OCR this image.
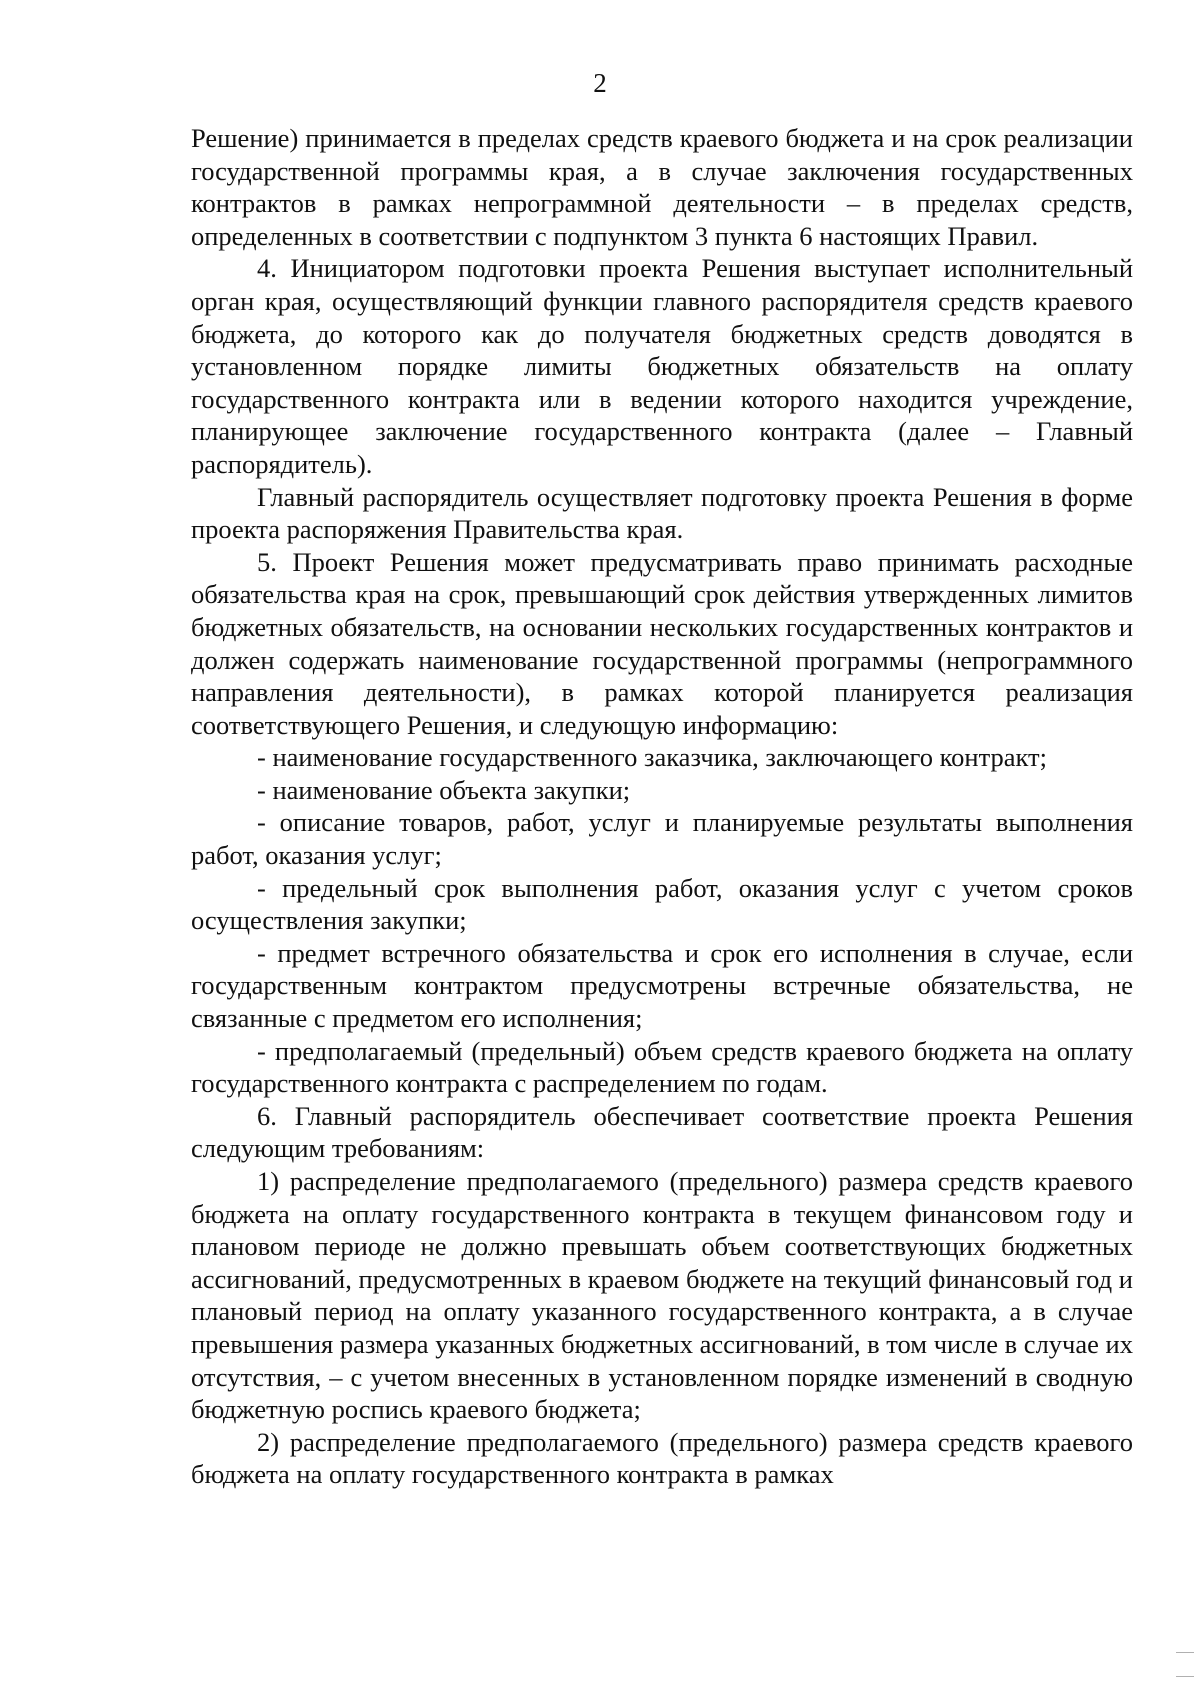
2

Решение) принимается в пределах средств краевого бюджета и на срок реализации государственной программы края, а в случае заключения государственных контрактов в рамках непрограммной деятельности – в пределах средств, определенных в соответствии с подпунктом 3 пункта 6 настоящих Правил.

4. Инициатором подготовки проекта Решения выступает исполнительный орган края, осуществляющий функции главного распорядителя средств краевого бюджета, до которого как до получателя бюджетных средств доводятся в установленном порядке лимиты бюджетных обязательств на оплату государственного контракта или в ведении которого находится учреждение, планирующее заключение государственного контракта (далее – Главный распорядитель).

Главный распорядитель осуществляет подготовку проекта Решения в форме проекта распоряжения Правительства края.

5. Проект Решения может предусматривать право принимать расходные обязательства края на срок, превышающий срок действия утвержденных лимитов бюджетных обязательств, на основании нескольких государственных контрактов и должен содержать наименование государственной программы (непрограммного направления деятельности), в рамках которой планируется реализация соответствующего Решения, и следующую информацию:

- наименование государственного заказчика, заключающего контракт;

- наименование объекта закупки;

- описание товаров, работ, услуг и планируемые результаты выполнения работ, оказания услуг;

- предельный срок выполнения работ, оказания услуг с учетом сроков осуществления закупки;

- предмет встречного обязательства и срок его исполнения в случае, если государственным контрактом предусмотрены встречные обязательства, не связанные с предметом его исполнения;

- предполагаемый (предельный) объем средств краевого бюджета на оплату государственного контракта с распределением по годам.

6. Главный распорядитель обеспечивает соответствие проекта Решения следующим требованиям:

1) распределение предполагаемого (предельного) размера средств краевого бюджета на оплату государственного контракта в текущем финансовом году и плановом периоде не должно превышать объем соответствующих бюджетных ассигнований, предусмотренных в краевом бюджете на текущий финансовый год и плановый период на оплату указанного государственного контракта, а в случае превышения размера указанных бюджетных ассигнований, в том числе в случае их отсутствия, – с учетом внесенных в установленном порядке изменений в сводную бюджетную роспись краевого бюджета;

2) распределение предполагаемого (предельного) размера средств краевого бюджета на оплату государственного контракта в рамках
